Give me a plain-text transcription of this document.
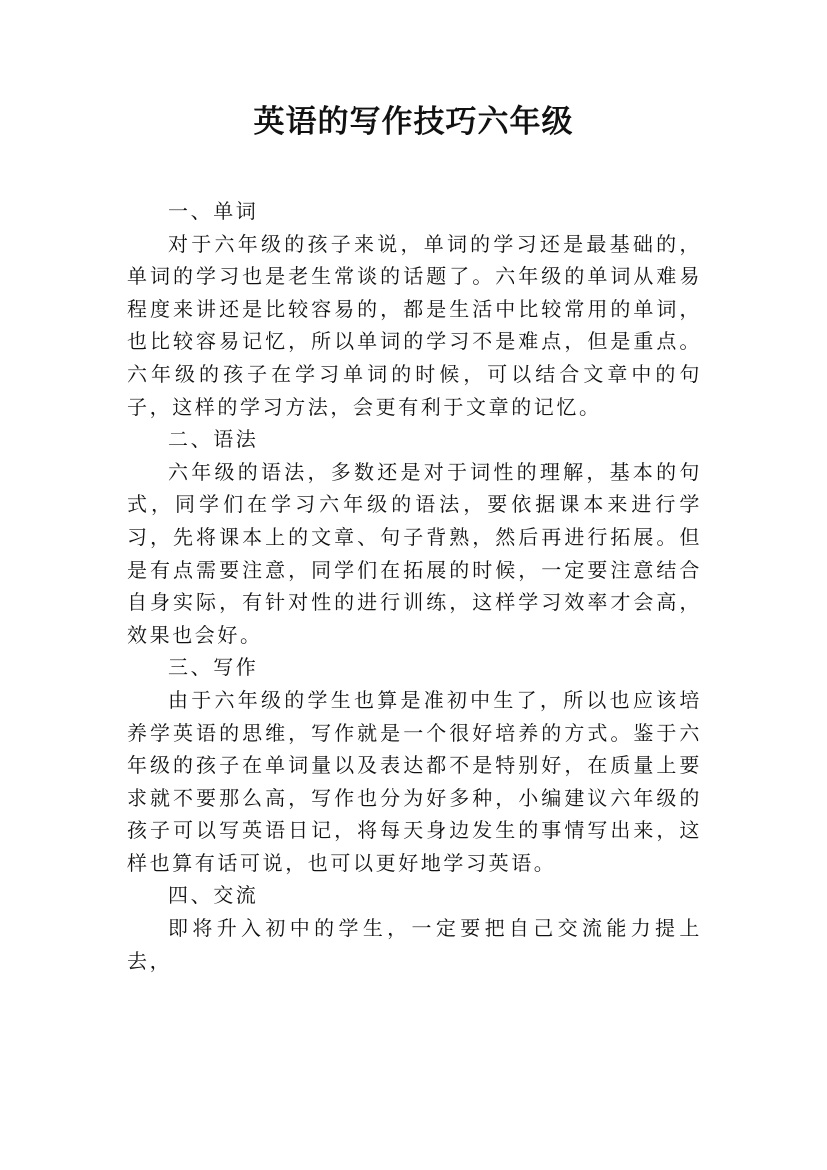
英语的写作技巧六年级
一、单词

对于六年级的孩子来说，单词的学习还是最基础的，单词的学习也是老生常谈的话题了。六年级的单词从难易程度来讲还是比较容易的，都是生活中比较常用的单词，也比较容易记忆，所以单词的学习不是难点，但是重点。六年级的孩子在学习单词的时候，可以结合文章中的句子，这样的学习方法，会更有利于文章的记忆。

二、语法

六年级的语法，多数还是对于词性的理解，基本的句式，同学们在学习六年级的语法，要依据课本来进行学习，先将课本上的文章、句子背熟，然后再进行拓展。但是有点需要注意，同学们在拓展的时候，一定要注意结合自身实际，有针对性的进行训练，这样学习效率才会高，效果也会好。

三、写作

由于六年级的学生也算是准初中生了，所以也应该培养学英语的思维，写作就是一个很好培养的方式。鉴于六年级的孩子在单词量以及表达都不是特别好，在质量上要求就不要那么高，写作也分为好多种，小编建议六年级的孩子可以写英语日记，将每天身边发生的事情写出来，这样也算有话可说，也可以更好地学习英语。

四、交流

即将升入初中的学生，一定要把自己交流能力提上去，
